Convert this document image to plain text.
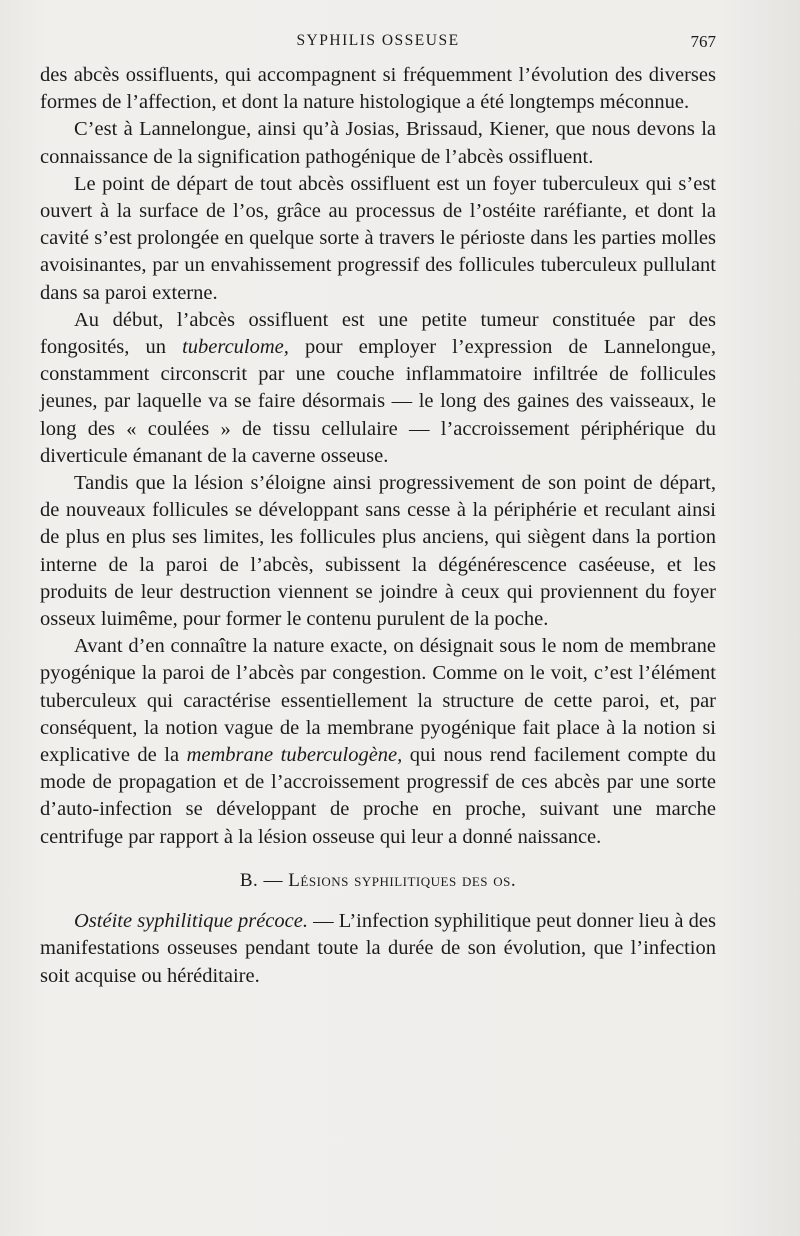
SYPHILIS OSSEUSE	767

des abcès ossifluents, qui accompagnent si fréquemment l’évolution des diverses formes de l’affection, et dont la nature histologique a été longtemps méconnue.

C’est à Lannelongue, ainsi qu’à Josias, Brissaud, Kiener, que nous devons la connaissance de la signification pathogénique de l’abcès ossifluent.

Le point de départ de tout abcès ossifluent est un foyer tuberculeux qui s’est ouvert à la surface de l’os, grâce au processus de l’ostéite raréfiante, et dont la cavité s’est prolongée en quelque sorte à travers le périoste dans les parties molles avoisinantes, par un envahissement progressif des follicules tuberculeux pullulant dans sa paroi externe.

Au début, l’abcès ossifluent est une petite tumeur constituée par des fongosités, un tuberculome, pour employer l’expression de Lannelongue, constamment circonscrit par une couche inflammatoire infiltrée de follicules jeunes, par laquelle va se faire désormais — le long des gaines des vaisseaux, le long des « coulées » de tissu cellulaire — l’accroissement périphérique du diverticule émanant de la caverne osseuse.

Tandis que la lésion s’éloigne ainsi progressivement de son point de départ, de nouveaux follicules se développant sans cesse à la périphérie et reculant ainsi de plus en plus ses limites, les follicules plus anciens, qui siègent dans la portion interne de la paroi de l’abcès, subissent la dégénérescence caséeuse, et les produits de leur destruction viennent se joindre à ceux qui proviennent du foyer osseux luimême, pour former le contenu purulent de la poche.

Avant d’en connaître la nature exacte, on désignait sous le nom de membrane pyogénique la paroi de l’abcès par congestion. Comme on le voit, c’est l’élément tuberculeux qui caractérise essentiellement la structure de cette paroi, et, par conséquent, la notion vague de la membrane pyogénique fait place à la notion si explicative de la membrane tuberculogène, qui nous rend facilement compte du mode de propagation et de l’accroissement progressif de ces abcès par une sorte d’auto-infection se développant de proche en proche, suivant une marche centrifuge par rapport à la lésion osseuse qui leur a donné naissance.

B. — Lésions syphilitiques des os.

Ostéite syphilitique précoce. — L’infection syphilitique peut donner lieu à des manifestations osseuses pendant toute la durée de son évolution, que l’infection soit acquise ou héréditaire.
